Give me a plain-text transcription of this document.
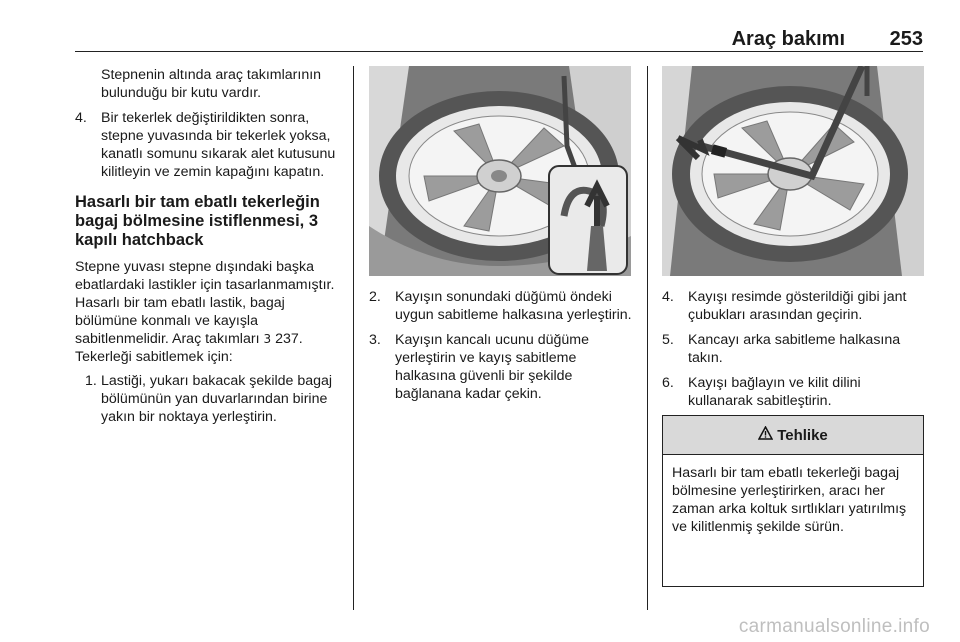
Araç bakımı 253

Stepnenin altında araç takımlarının bulunduğu bir kutu vardır.

4. Bir tekerlek değiştirildikten sonra, stepne yuvasında bir tekerlek yoksa, kanatlı somunu sıkarak alet kutusunu kilitleyin ve zemin kapağını kapatın.
Hasarlı bir tam ebatlı tekerleğin bagaj bölmesine istiflenmesi, 3 kapılı hatchback

Stepne yuvası stepne dışındaki başka ebatlardaki lastikler için tasarlanmamıştır. Hasarlı bir tam ebatlı lastik, bagaj bölümüne konmalı ve kayışla sabitlenmelidir. Araç takımları 3 237. Tekerleği sabitlemek için:

1. Lastiği, yukarı bakacak şekilde bagaj bölümünün yan duvarlarından birine yakın bir noktaya yerleştirin.
2. Kayışın sonundaki düğümü öndeki uygun sabitleme halkasına yerleştirin.
3. Kayışın kancalı ucunu düğüme yerleştirin ve kayış sabitleme halkasına güvenli bir şekilde bağlanana kadar çekin.
4. Kayışı resimde gösterildiği gibi jant çubukları arasından geçirin.
5. Kancayı arka sabitleme halkasına takın.
6. Kayışı bağlayın ve kilit dilini kullanarak sabitleştirin.
Tehlike
Hasarlı bir tam ebatlı tekerleği bagaj bölmesine yerleştirirken, aracı her zaman arka koltuk sırtlıkları yatırılmış ve kilitlenmiş şekilde sürün.
carmanualsonline.info
